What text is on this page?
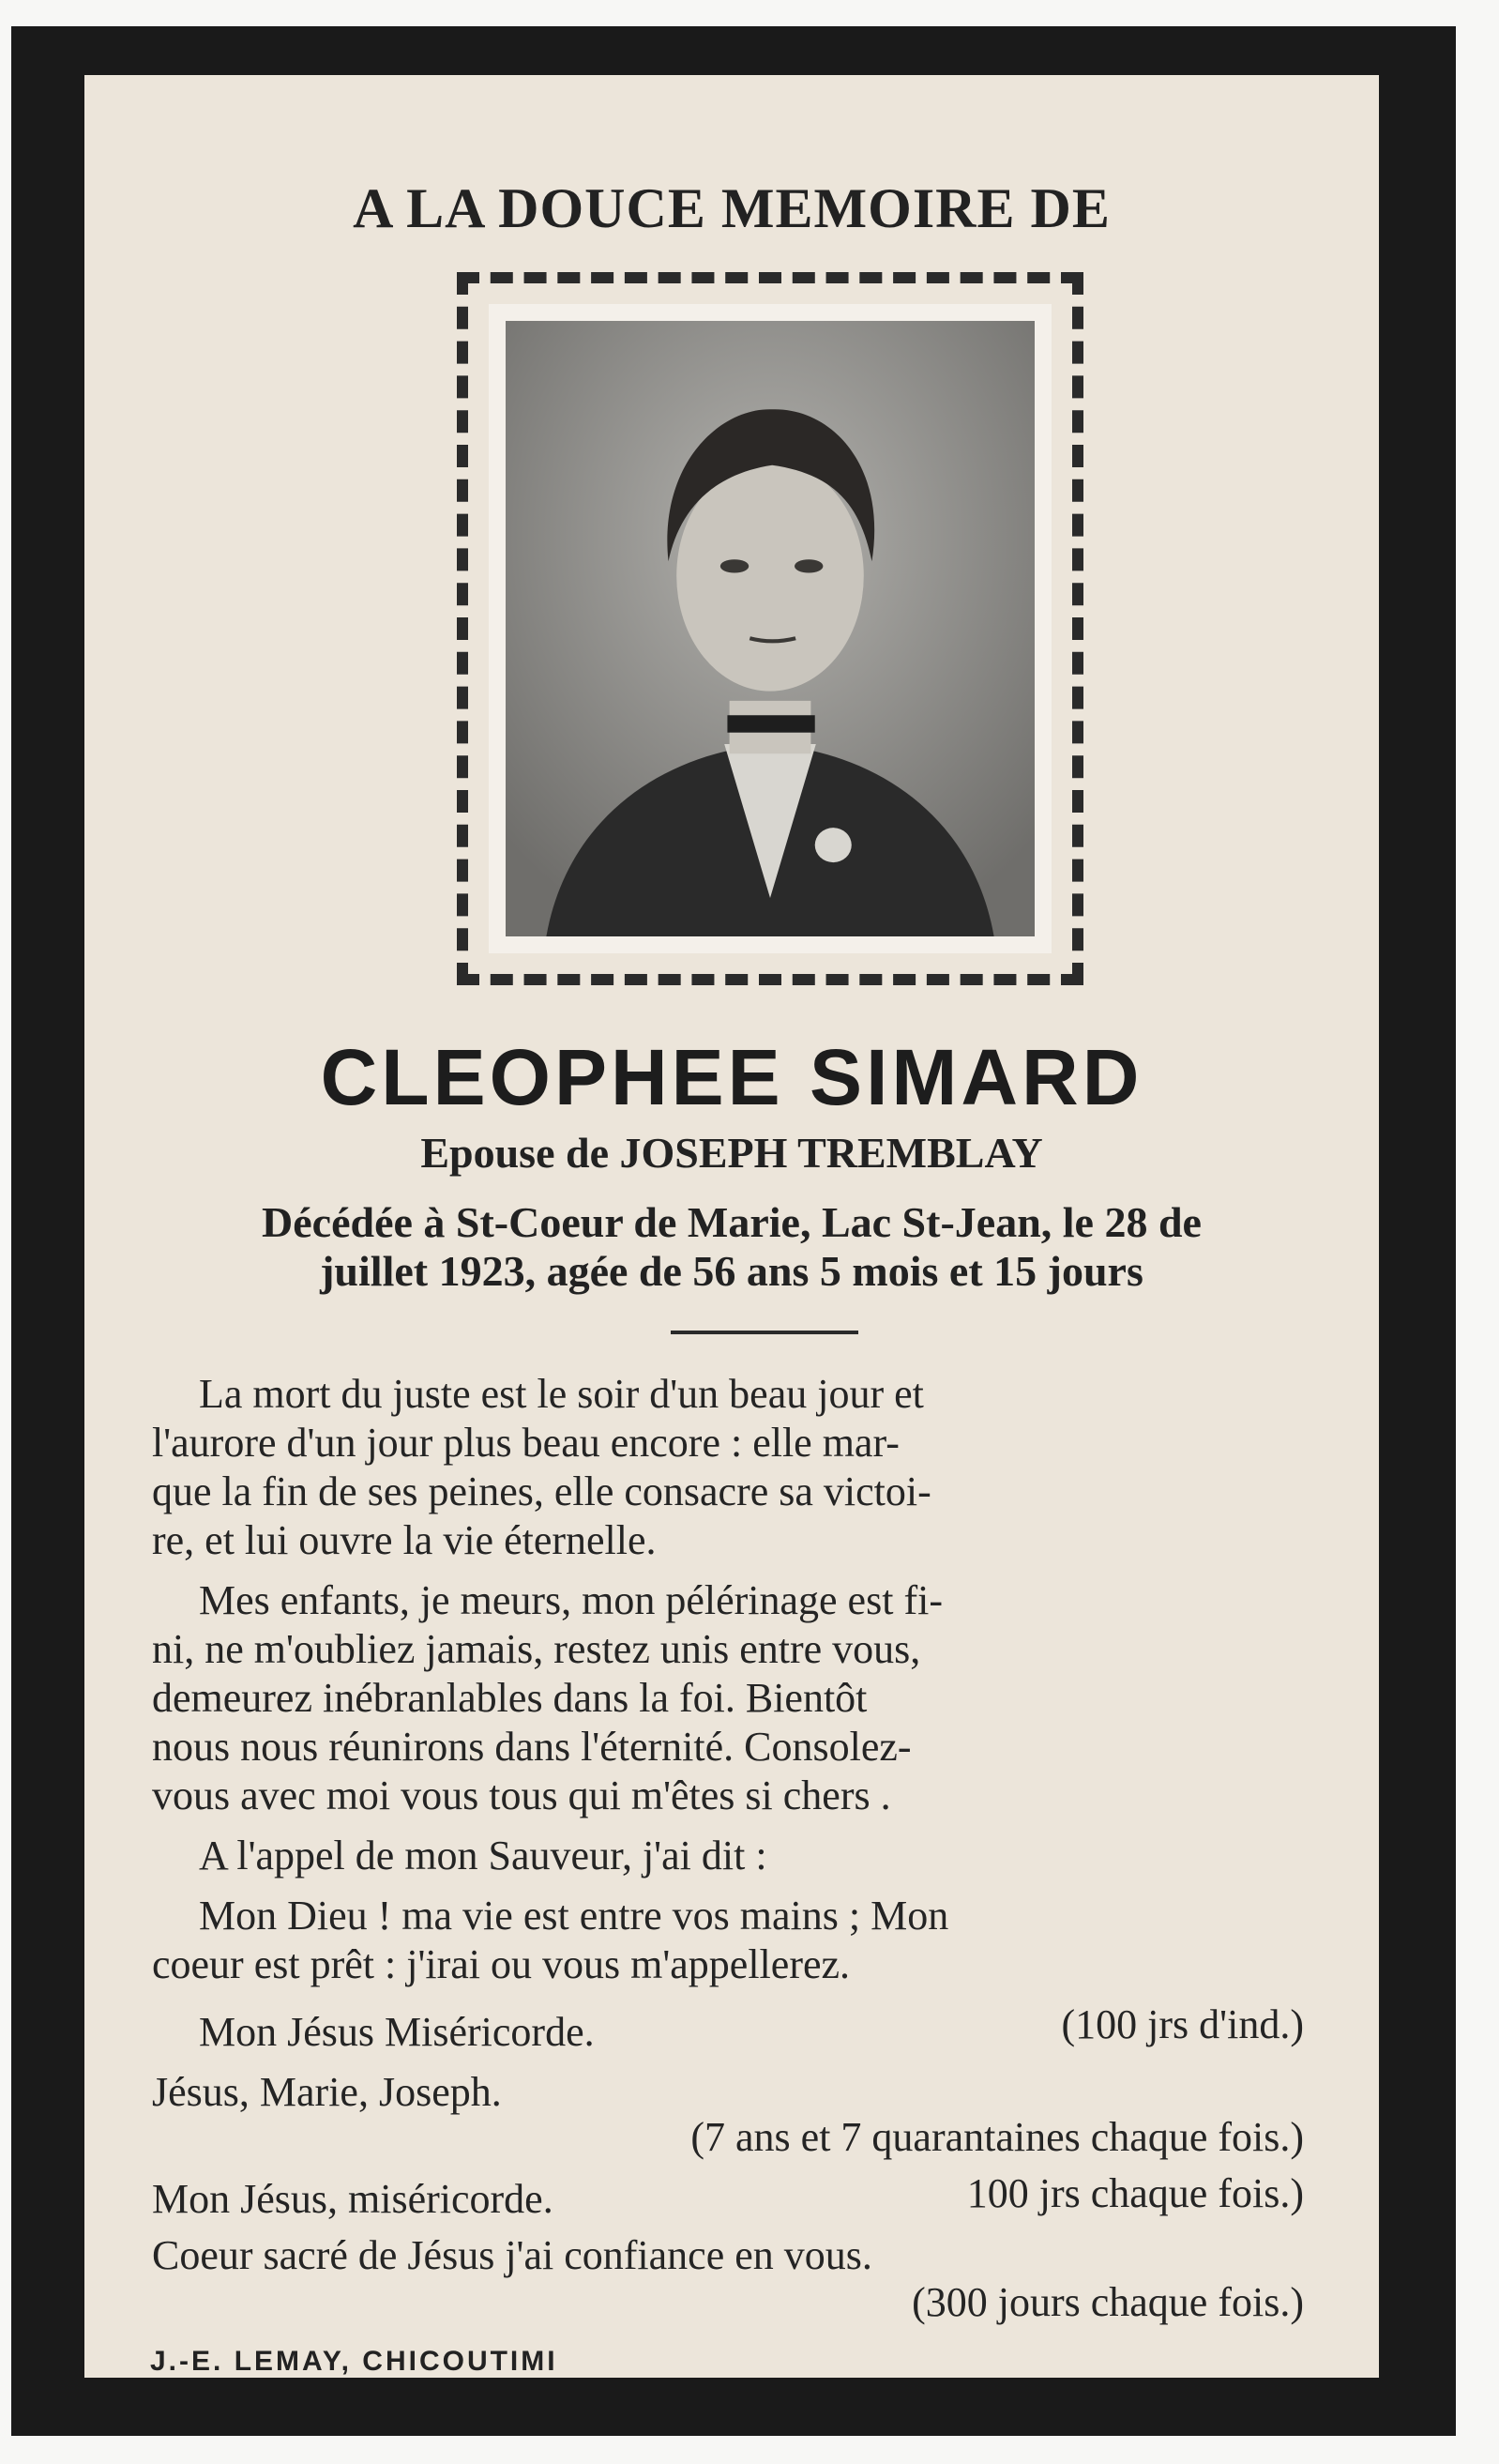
A LA DOUCE MEMOIRE DE
CLEOPHEE SIMARD
Epouse de JOSEPH TREMBLAY
Décédée à St-Coeur de Marie, Lac St-Jean, le 28 de
juillet 1923, agée de 56 ans 5 mois et 15 jours
La mort du juste est le soir d'un beau jour et
l'aurore d'un jour plus beau encore : elle mar-
que la fin de ses peines, elle consacre sa victoi-
re, et lui ouvre la vie éternelle.
Mes enfants, je meurs, mon pélérinage est fi-
ni, ne m'oubliez jamais, restez unis entre vous,
demeurez inébranlables dans la foi. Bientôt
nous nous réunirons dans l'éternité. Consolez-
vous avec moi vous tous qui m'êtes si chers .
A l'appel de mon Sauveur, j'ai dit :
Mon Dieu ! ma vie est entre vos mains ; Mon
coeur est prêt : j'irai ou vous m'appellerez.
Mon Jésus Miséricorde.	(100 jrs d'ind.)
Jésus, Marie, Joseph.
(7 ans et 7 quarantaines chaque fois.)
Mon Jésus, miséricorde.	100 jrs chaque fois.)
Coeur sacré de Jésus j'ai confiance en vous.
(300 jours chaque fois.)
J.-E. LEMAY, CHICOUTIMI
